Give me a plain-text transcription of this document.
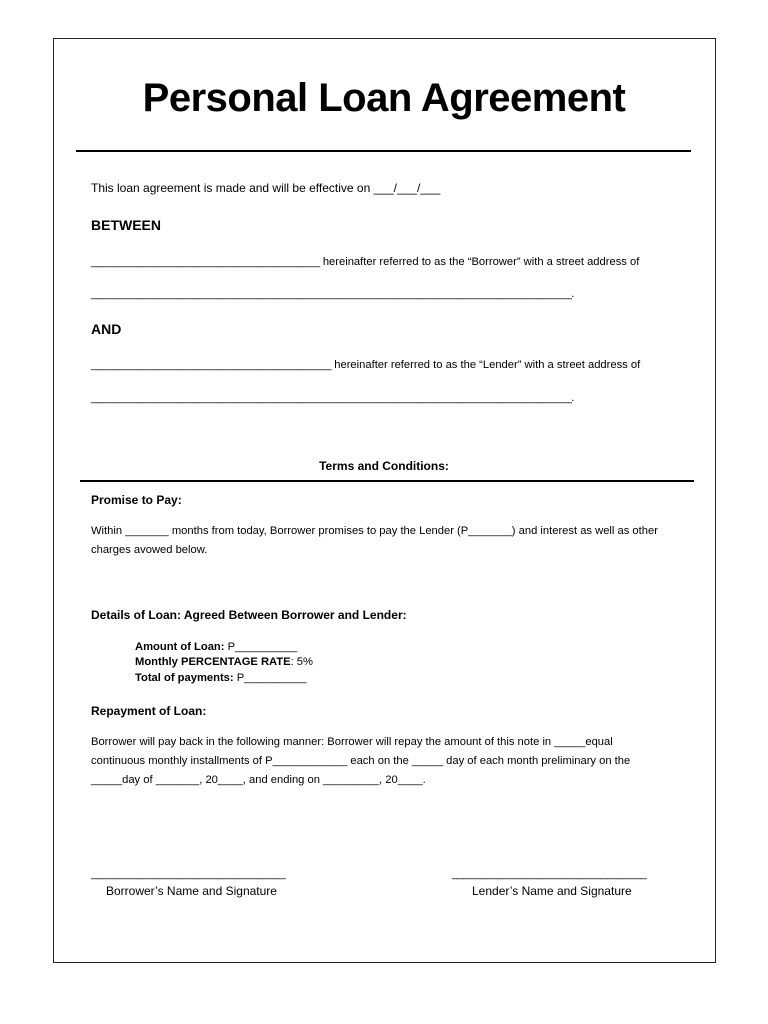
Personal Loan Agreement
This loan agreement is made and will be effective on ___/___/___
BETWEEN
________________________________________ hereinafter referred to as the “Borrower” with a street address of
____________________________________________________________________________________.
AND
__________________________________________ hereinafter referred to as the “Lender” with a street address of
____________________________________________________________________________________.
Terms and Conditions:
Promise to Pay:
Within _______ months from today, Borrower promises to pay the Lender (P_______) and interest as well as other
charges avowed below.
Details of Loan: Agreed Between Borrower and Lender:
Amount of Loan: P__________
Monthly PERCENTAGE RATE: 5%
Total of payments: P__________
Repayment of Loan:
Borrower will pay back in the following manner: Borrower will repay the amount of this note in _____equal
continuous monthly installments of P____________ each on the _____ day of each month preliminary on the
_____day of _______, 20____, and ending on _________, 20____.
__________________________________
Borrower’s Name and Signature
__________________________________
Lender’s Name and Signature
